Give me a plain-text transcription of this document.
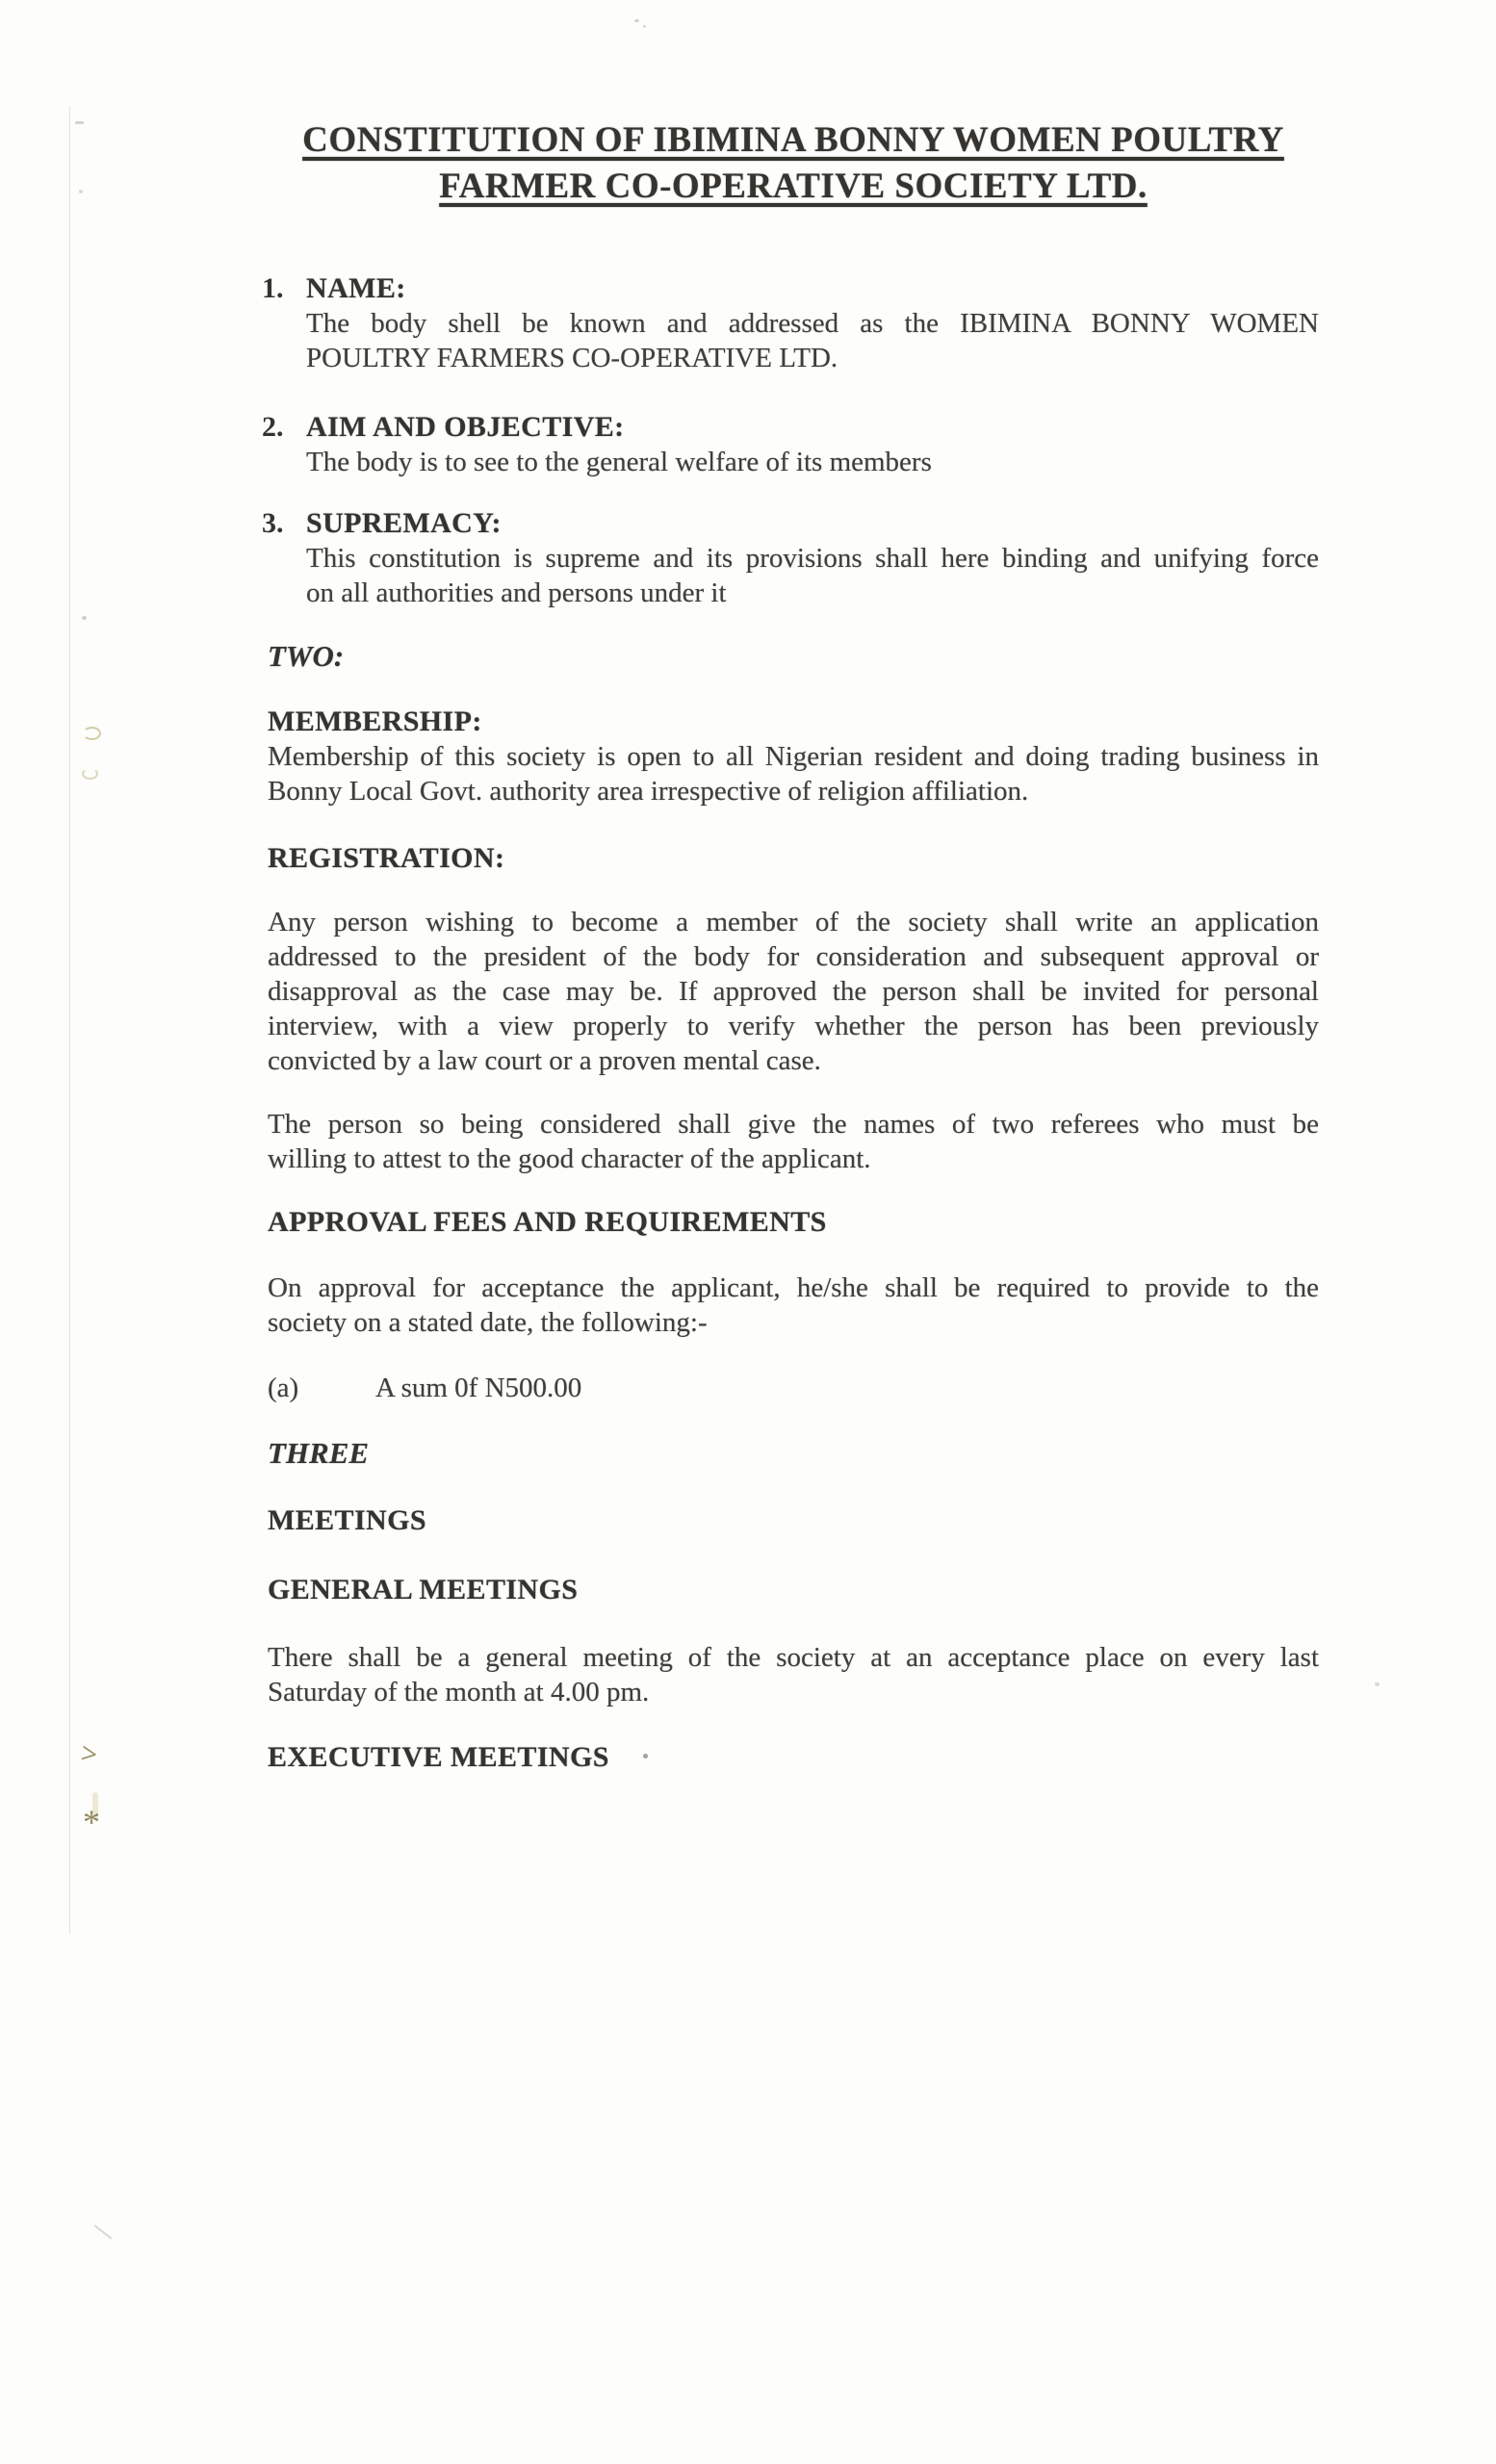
>
*
CONSTITUTION OF IBIMINA BONNY WOMEN POULTRY
FARMER CO-OPERATIVE SOCIETY LTD.
1. NAME:
The body shell be known and addressed as the IBIMINA BONNY WOMEN
POULTRY FARMERS CO-OPERATIVE LTD.
2. AIM AND OBJECTIVE:
The body is to see to the general welfare of its members
3. SUPREMACY:
This constitution is supreme and its provisions shall here binding and unifying force
on all authorities and persons under it
TWO:
MEMBERSHIP:
Membership of this society is open to all Nigerian resident and doing trading business in
Bonny Local Govt. authority area irrespective of religion affiliation.
REGISTRATION:
Any person wishing to become a member of the society shall write an application
addressed to the president of the body for consideration and subsequent approval or
disapproval as the case may be. If approved the person shall be invited for personal
interview, with a view properly to verify whether the person has been previously
convicted by a law court or a proven mental case.
The person so being considered shall give the names of two referees who must be
willing to attest to the good character of the applicant.
APPROVAL FEES AND REQUIREMENTS
On approval for acceptance the applicant, he/she shall be required to provide to the
society on a stated date, the following:-
(a)	A sum 0f N500.00
THREE
MEETINGS
GENERAL MEETINGS
There shall be a general meeting of the society at an acceptance place on every last
Saturday of the month at 4.00 pm.
EXECUTIVE MEETINGS
